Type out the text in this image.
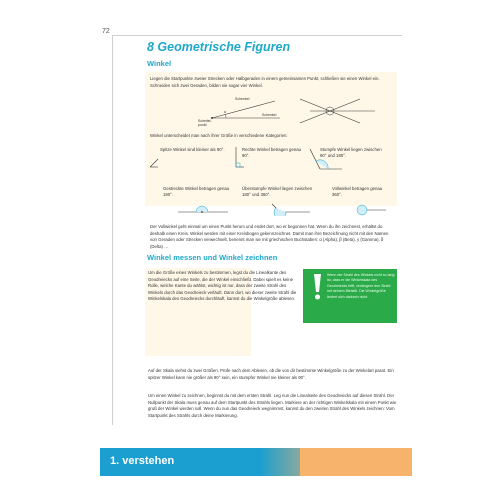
72
8 Geometrische Figuren
Winkel
Liegen die Startpunkte zweier Strecken oder Halbgeraden in einem gemeinsamen Punkt, schließen sie einen Winkel ein. Schneiden sich zwei Geraden, bilden sie sogar vier Winkel.
Schenkel
α
Schenkel
Scheitel-punkt
Winkel unterscheidet man nach ihrer Größe in verschiedene Kategorien:
Spitze Winkel sind kleiner als 90°.	Rechte Winkel betragen genau 90°.
Stumpfe Winkel liegen zwischen 90° und 180°.
Gestreckte Winkel betragen genau 180°.
Überstumpfe Winkel liegen zwischen 180° und 360°.
Vollwinkel betragen genau 360°.
Der Vollwinkel geht einmal um einen Punkt herum und endet dort, wo er begonnen hat. Wenn du ihn zeichnest, erhältst du deshalb einen Kreis. Winkel werden mit einer Kreisbogen gekennzeichnet. Damit man ihre Bezeichnung nicht mit den Namen von Geraden oder Strecken verwechselt, benennt man sie mit griechischen Buchstaben: α (Alpha), β (Beta), γ (Gamma), δ (Delta) …
Winkel messen und Winkel zeichnen
Um die Größe eines Winkels zu bestimmen, legst du die Linealkante des Geodreiecks auf eine Seite, die der Winkel einschließt. Dabei spielt es keine Rolle, welche Kante du wählst, wichtig ist nur, dass der zweite Strahl des Winkels durch das Geodreieck verläuft. Dann dort, wo dieser zweite Strahl die Winkelskala des Geodreiecks durchläuft, kannst du die Winkelgröße ablesen.
Wenn der Strahl des Winkels nicht so lang ist, dass er die Winkelskala des Geodreiecks trifft, verlängere den Strahl mit deinem Bleistift. Die Winkelgröße ändert sich dadurch nicht.
Auf der Skala siehst du zwei Größen. Prüfe nach dem Ablesen, ob die von dir bestimmte Winkelgröße zu der Winkelart passt. Ein spitzer Winkel kann nie größer als 90° sein, ein stumpfer Winkel nie kleiner als 90°.
Um einen Winkel zu zeichnen, beginnst du mit dem ersten Strahl. Leg nun die Linealseite des Geodreiecks auf diesen Strahl. Der Nullpunkt der Skala muss genau auf dem Startpunkt des Strahls liegen. Markiere an der richtigen Winkelskala mit einem Punkt wie groß der Winkel werden soll. Wenn du nun das Geodreieck wegnimmst, kannst du den zweiten Strahl des Winkels zeichnen: Vom Startpunkt des Strahls durch deine Markierung.
1. verstehen
